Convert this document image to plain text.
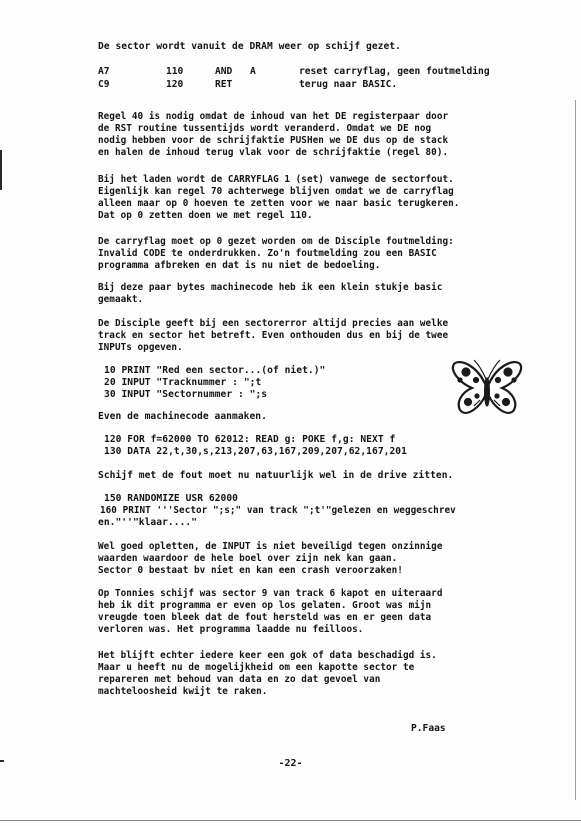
De sector wordt vanuit de DRAM weer op schijf gezet.

A7	110	AND A	reset carryflag, geen foutmelding
C9	120	RET	terug naar BASIC.

Regel 40 is nodig omdat de inhoud van het DE registerpaar door

de RST routine tussentijds wordt veranderd. Omdat we DE nog

nodig hebben voor de schrijfaktie PUSHen we DE dus op de stack

en halen de inhoud terug vlak voor de schrijfaktie (regel 80).

Bij het laden wordt de CARRYFLAG 1 (set) vanwege de sectorfout.

Eigenlijk kan regel 70 achterwege blijven omdat we de carryflag

alleen maar op 0 hoeven te zetten voor we naar basic terugkeren.

Dat op 0 zetten doen we met regel 110.

De carryflag moet op 0 gezet worden om de Disciple foutmelding:

Invalid CODE te onderdrukken. Zo'n foutmelding zou een BASIC

programma afbreken en dat is nu niet de bedoeling.

Bij deze paar bytes machinecode heb ik een klein stukje basic

gemaakt.

De Disciple geeft bij een sectorerror altijd precies aan welke

track en sector het betreft. Even onthouden dus en bij de twee

INPUTs opgeven.

10 PRINT "Red een sector...(of niet.)"

20 INPUT "Tracknummer : ";t

30 INPUT "Sectornummer : ";s

Even de machinecode aanmaken.

120 FOR f=62000 TO 62012: READ g: POKE f,g: NEXT f

130 DATA 22,t,30,s,213,207,63,167,209,207,62,167,201

Schijf met de fout moet nu natuurlijk wel in de drive zitten.

150 RANDOMIZE USR 62000

160 PRINT '''Sector ";s;" van track ";t'"gelezen en weggeschrev

en."''"klaar...."

Wel goed opletten, de INPUT is niet beveiligd tegen onzinnige

waarden waardoor de hele boel over zijn nek kan gaan.

Sector 0 bestaat bv niet en kan een crash veroorzaken!

Op Tonnies schijf was sector 9 van track 6 kapot en uiteraard

heb ik dit programma er even op los gelaten. Groot was mijn

vreugde toen bleek dat de fout hersteld was en er geen data

verloren was. Het programma laadde nu feilloos.

Het blijft echter iedere keer een gok of data beschadigd is.

Maar u heeft nu de mogelijkheid om een kapotte sector te

repareren met behoud van data en zo dat gevoel van

machteloosheid kwijt te raken.

P.Faas
-22-
